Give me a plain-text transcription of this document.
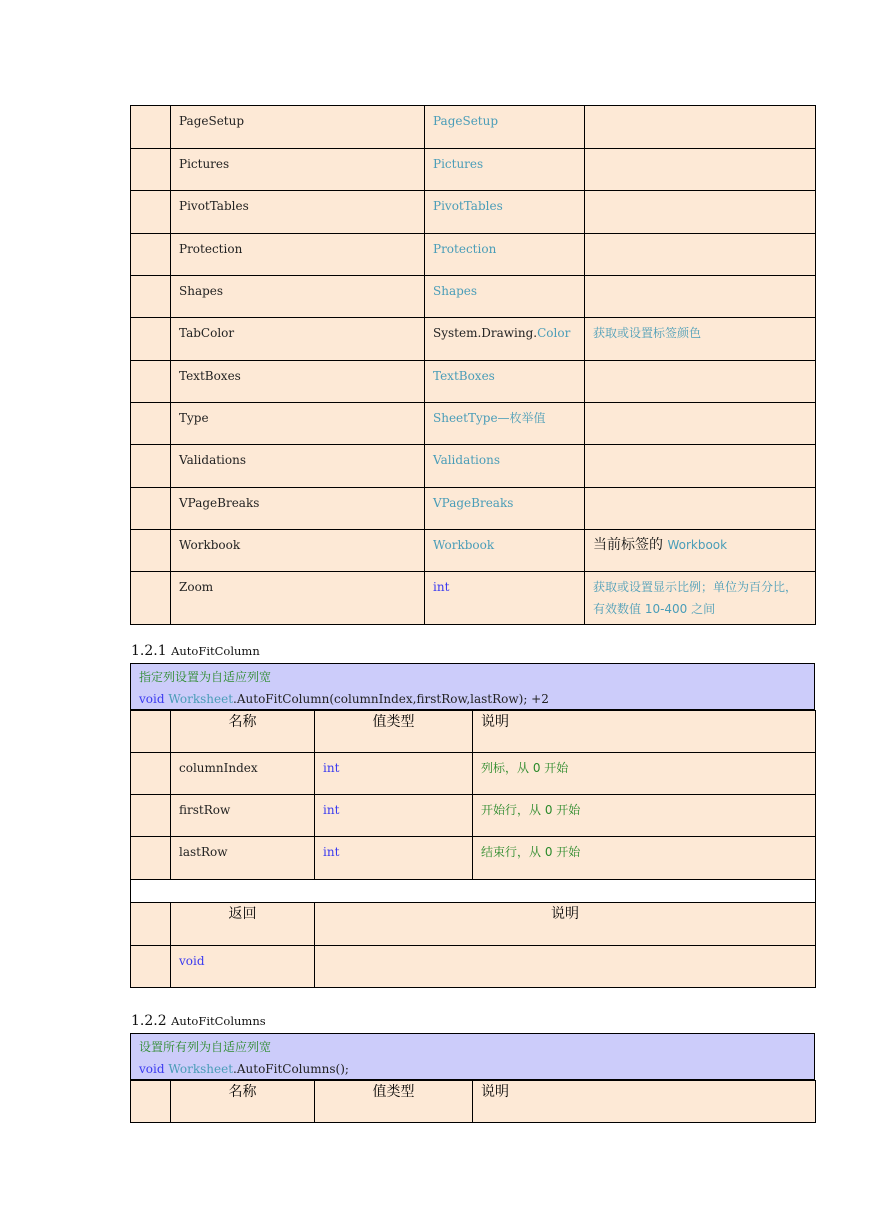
	PageSetup	PageSetup	
	Pictures	Pictures	
	PivotTables	PivotTables	
	Protection	Protection	
	Shapes	Shapes	
	TabColor	System.Drawing.Color	获取或设置标签颜色
	TextBoxes	TextBoxes	
	Type	SheetType—枚举值	
	Validations	Validations	
	VPageBreaks	VPageBreaks	
	Workbook	Workbook	当前标签的 Workbook
	Zoom	int	获取或设置显示比例；单位为百分比，有效数值 10-400 之间
1.2.1 AutoFitColumn
指定列设置为自适应列宽
void Worksheet.AutoFitColumn(columnIndex,firstRow,lastRow); +2
	名称	值类型	说明
	columnIndex	int	列标，从 0 开始
	firstRow	int	开始行，从 0 开始
	lastRow	int	结束行，从 0 开始

	返回	说明	
	void		
1.2.2 AutoFitColumns
设置所有列为自适应列宽
void Worksheet.AutoFitColumns();
	名称	值类型	说明
